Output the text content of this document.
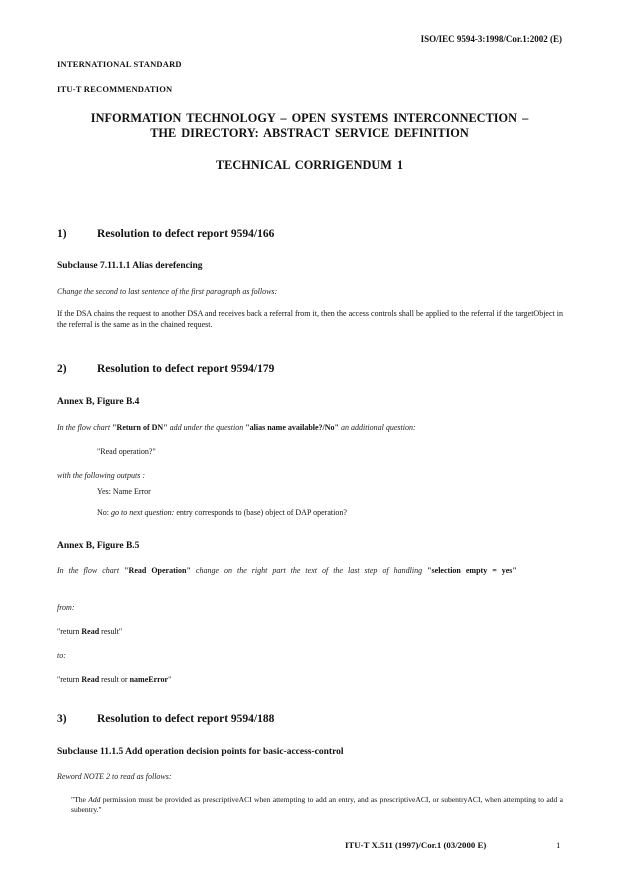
ISO/IEC 9594-3:1998/Cor.1:2002 (E)
INTERNATIONAL STANDARD
ITU-T RECOMMENDATION
INFORMATION TECHNOLOGY – OPEN SYSTEMS INTERCONNECTION –
THE DIRECTORY: ABSTRACT SERVICE DEFINITION
TECHNICAL CORRIGENDUM 1
1)	Resolution to defect report 9594/166
Subclause 7.11.1.1 Alias derefencing
Change the second to last sentence of the first paragraph as follows:
If the DSA chains the request to another DSA and receives back a referral from it, then the access controls shall be applied to the referral if the targetObject in the referral is the same as in the chained request.
2)	Resolution to defect report 9594/179
Annex B, Figure B.4
In the flow chart "Return of DN" add under the question "alias name available?/No" an additional question:
"Read operation?"
with the following outputs :
Yes: Name Error
No: go to next question: entry corresponds to (base) object of DAP operation?
Annex B, Figure B.5
In the flow chart "Read Operation" change on the right part the text of the last step of handling "selection empty = yes"
from:
"return Read result"
to:
"return Read result or nameError"
3)	Resolution to defect report 9594/188
Subclause 11.1.5 Add operation decision points for basic-access-control
Reword NOTE 2 to read as follows:
"The Add permission must be provided as prescriptiveACI when attempting to add an entry, and as prescriptiveACI, or subentryACI, when attempting to add a subentry."
ITU-T X.511 (1997)/Cor.1 (03/2000 E)	1
